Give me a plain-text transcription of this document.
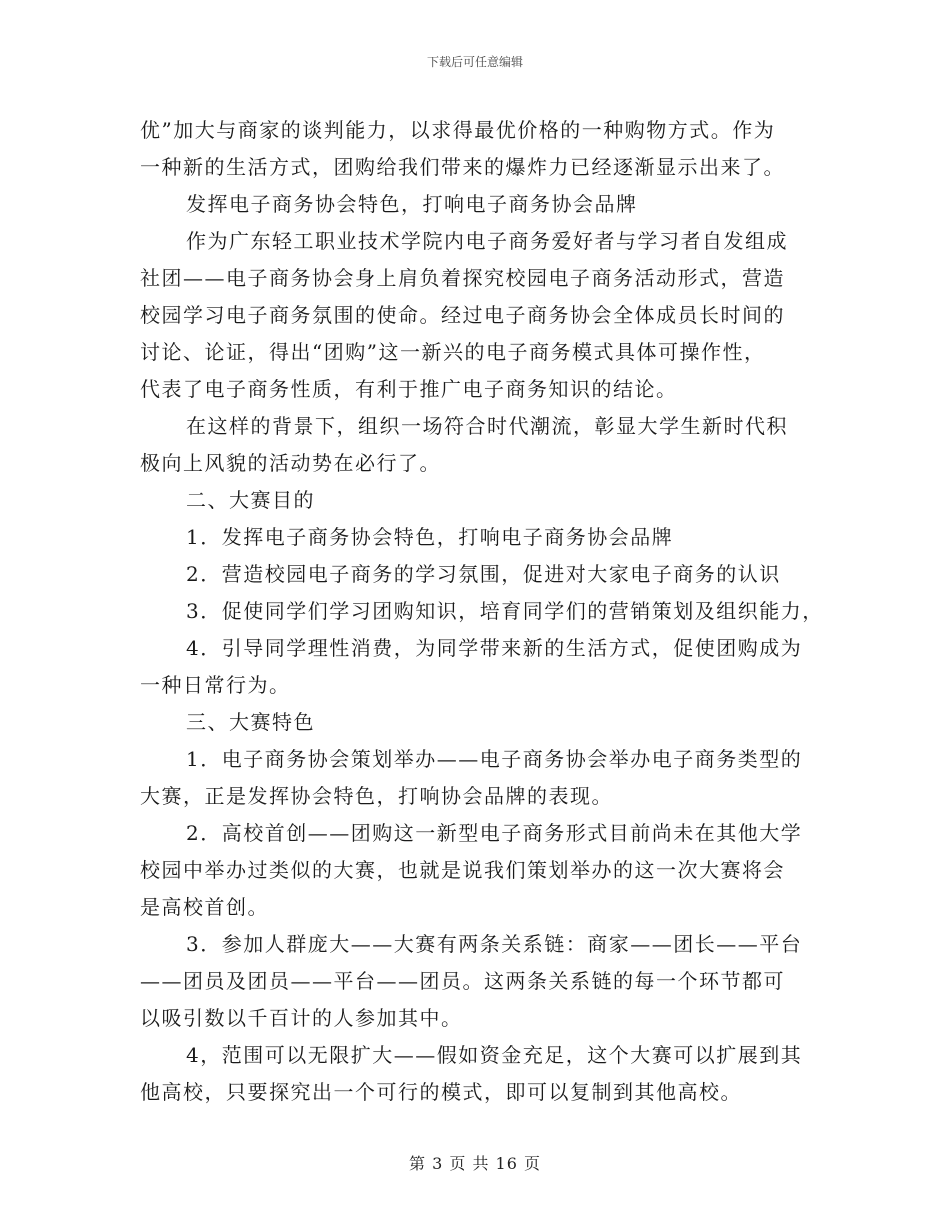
下载后可任意编辑
优”加大与商家的谈判能力，以求得最优价格的一种购物方式。作为
一种新的生活方式，团购给我们带来的爆炸力已经逐渐显示出来了。
发挥电子商务协会特色，打响电子商务协会品牌
作为广东轻工职业技术学院内电子商务爱好者与学习者自发组成
社团——电子商务协会身上肩负着探究校园电子商务活动形式，营造
校园学习电子商务氛围的使命。经过电子商务协会全体成员长时间的
讨论、论证，得出“团购”这一新兴的电子商务模式具体可操作性，
代表了电子商务性质，有利于推广电子商务知识的结论。
在这样的背景下，组织一场符合时代潮流，彰显大学生新时代积
极向上风貌的活动势在必行了。
二、大赛目的
1．发挥电子商务协会特色，打响电子商务协会品牌
2．营造校园电子商务的学习氛围，促进对大家电子商务的认识
3．促使同学们学习团购知识，培育同学们的营销策划及组织能力，
4．引导同学理性消费，为同学带来新的生活方式，促使团购成为
一种日常行为。
三、大赛特色
1．电子商务协会策划举办——电子商务协会举办电子商务类型的
大赛，正是发挥协会特色，打响协会品牌的表现。
2．高校首创——团购这一新型电子商务形式目前尚未在其他大学
校园中举办过类似的大赛，也就是说我们策划举办的这一次大赛将会
是高校首创。
3．参加人群庞大——大赛有两条关系链：商家——团长——平台
——团员及团员——平台——团员。这两条关系链的每一个环节都可
以吸引数以千百计的人参加其中。
4，范围可以无限扩大——假如资金充足，这个大赛可以扩展到其
他高校，只要探究出一个可行的模式，即可以复制到其他高校。
第 3 页 共 16 页
